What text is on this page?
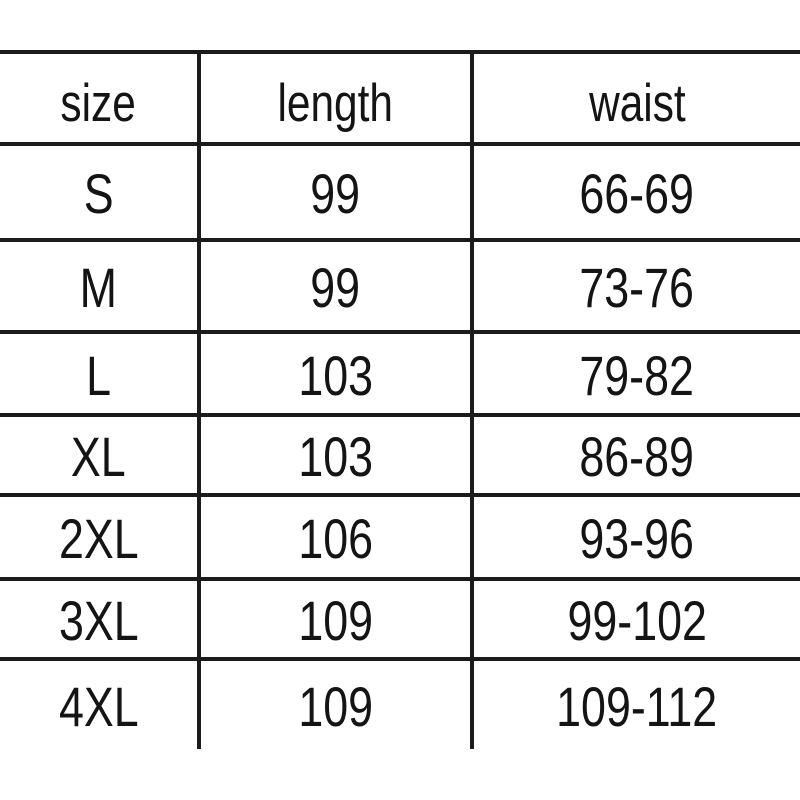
size	length	waist
S	99	66-69
M	99	73-76
L	103	79-82
XL	103	86-89
2XL	106	93-96
3XL	109	99-102
4XL	109	109-112
